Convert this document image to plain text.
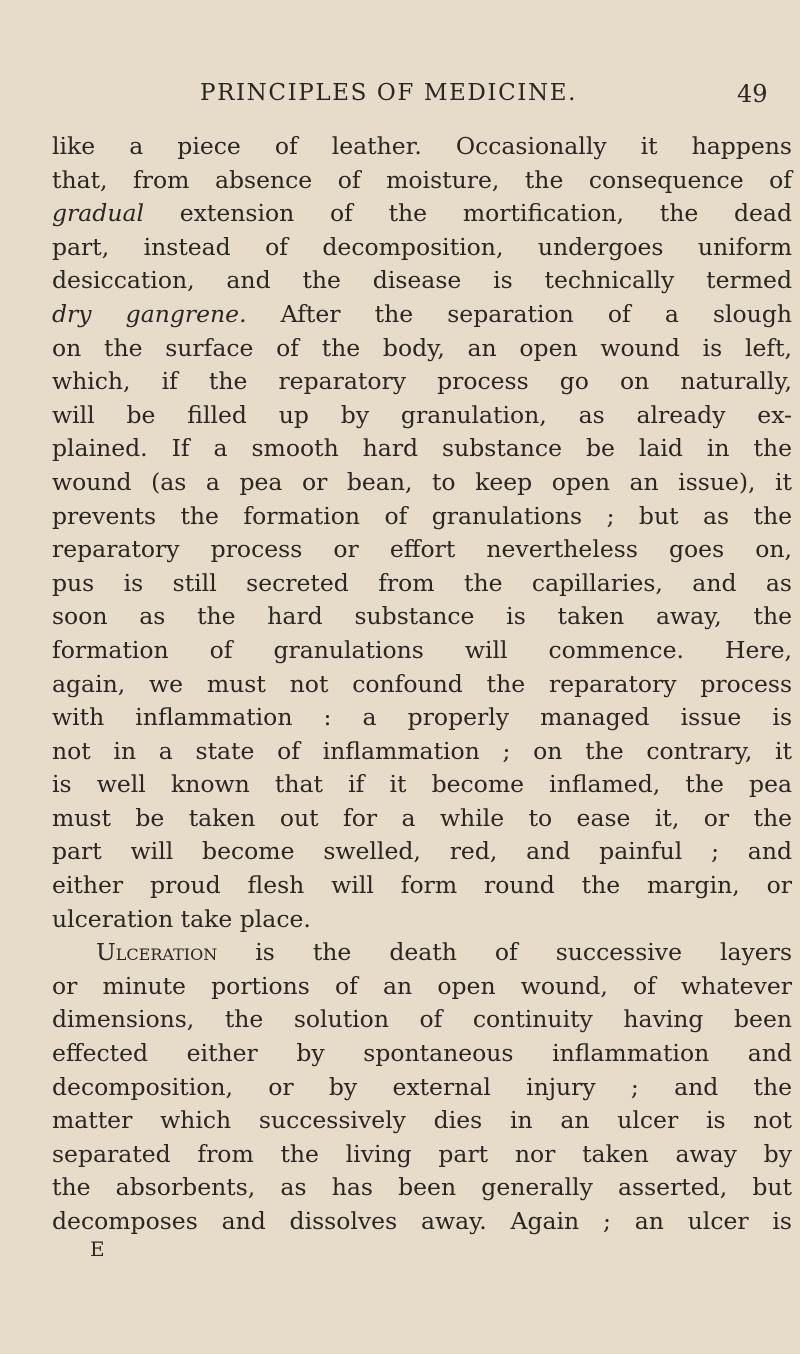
PRINCIPLES OF MEDICINE.	49
like a piece of leather. Occasionally it happens
that, from absence of moisture, the consequence of
gradual extension of the mortification, the dead
part, instead of decomposition, undergoes uniform
desiccation, and the disease is technically termed
dry gangrene. After the separation of a slough
on the surface of the body, an open wound is left,
which, if the reparatory process go on naturally,
will be filled up by granulation, as already ex-
plained. If a smooth hard substance be laid in the
wound (as a pea or bean, to keep open an issue), it
prevents the formation of granulations ; but as the
reparatory process or effort nevertheless goes on,
pus is still secreted from the capillaries, and as
soon as the hard substance is taken away, the
formation of granulations will commence. Here,
again, we must not confound the reparatory process
with inflammation : a properly managed issue is
not in a state of inflammation ; on the contrary, it
is well known that if it become inflamed, the pea
must be taken out for a while to ease it, or the
part will become swelled, red, and painful ; and
either proud flesh will form round the margin, or
ulceration take place.
Ulceration is the death of successive layers
or minute portions of an open wound, of whatever
dimensions, the solution of continuity having been
effected either by spontaneous inflammation and
decomposition, or by external injury ; and the
matter which successively dies in an ulcer is not
separated from the living part nor taken away by
the absorbents, as has been generally asserted, but
decomposes and dissolves away. Again ; an ulcer is
E
